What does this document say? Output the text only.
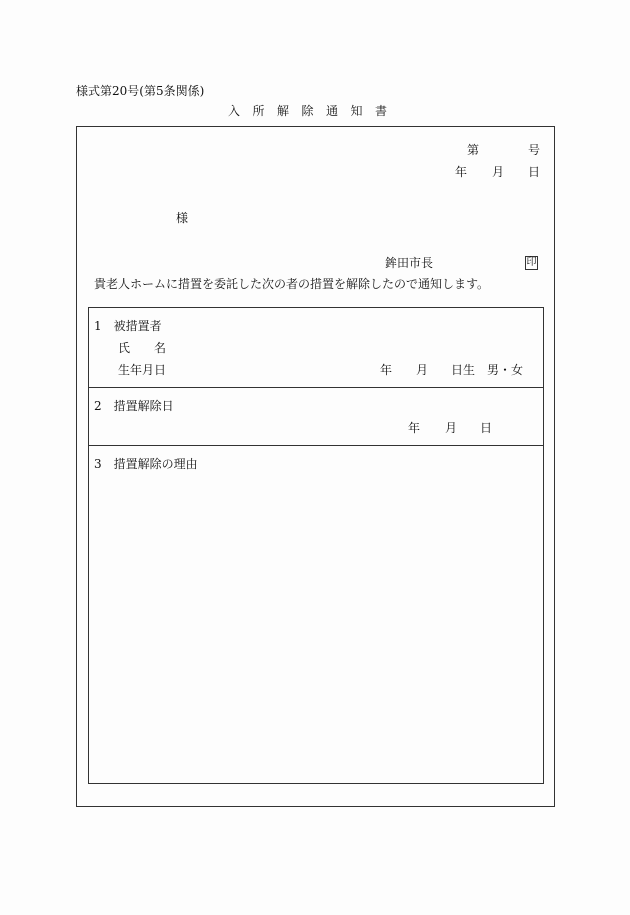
様式第20号(第5条関係)
入所解除通知書
第	号
年 月 日
様
鉾田市長	印
貴老人ホームに措置を委託した次の者の措置を解除したので通知します。
1　被措置者
氏　　名
生年月日	年 月 日生 男・女
2　措置解除日
年 月 日
3　措置解除の理由
